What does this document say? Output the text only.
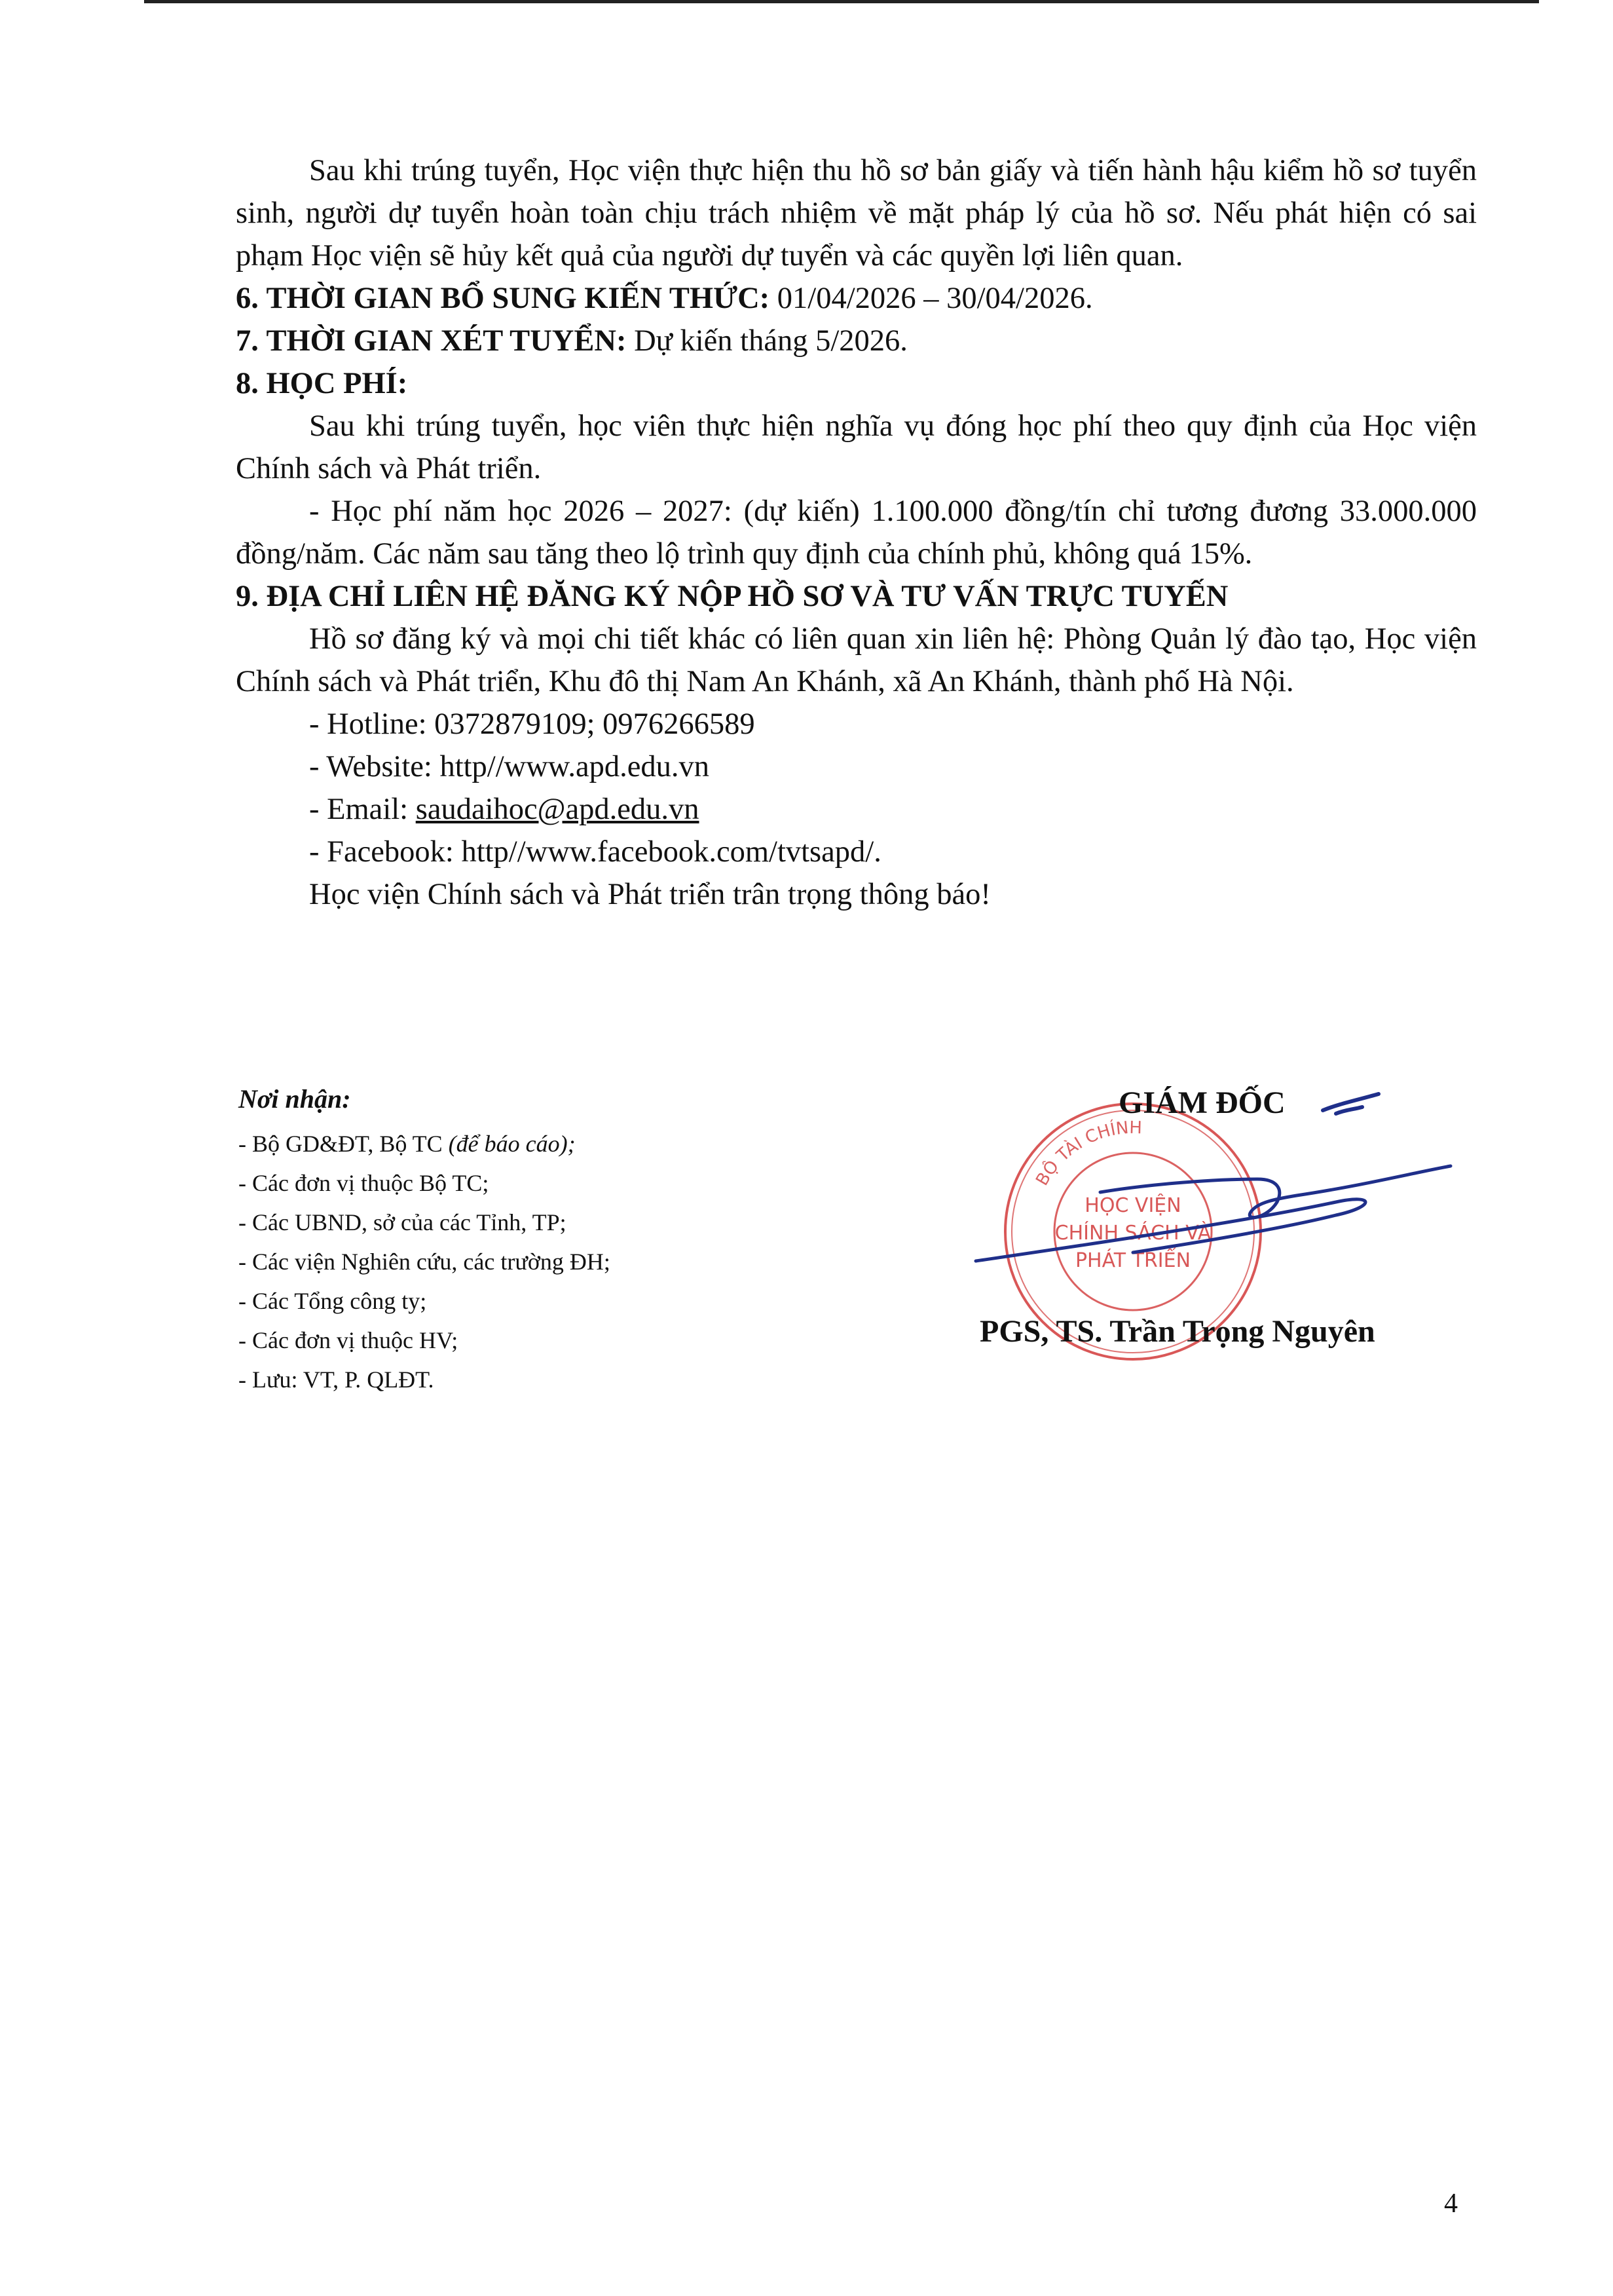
Sau khi trúng tuyển, Học viện thực hiện thu hồ sơ bản giấy và tiến hành hậu kiểm hồ sơ tuyển sinh, người dự tuyển hoàn toàn chịu trách nhiệm về mặt pháp lý của hồ sơ. Nếu phát hiện có sai phạm Học viện sẽ hủy kết quả của người dự tuyển và các quyền lợi liên quan.

6. THỜI GIAN BỔ SUNG KIẾN THỨC: 01/04/2026 – 30/04/2026.

7. THỜI GIAN XÉT TUYỂN: Dự kiến tháng 5/2026.

8. HỌC PHÍ:

Sau khi trúng tuyển, học viên thực hiện nghĩa vụ đóng học phí theo quy định của Học viện Chính sách và Phát triển.

- Học phí năm học 2026 – 2027: (dự kiến) 1.100.000 đồng/tín chỉ tương đương 33.000.000 đồng/năm. Các năm sau tăng theo lộ trình quy định của chính phủ, không quá 15%.

9. ĐỊA CHỈ LIÊN HỆ ĐĂNG KÝ NỘP HỒ SƠ VÀ TƯ VẤN TRỰC TUYẾN

Hồ sơ đăng ký và mọi chi tiết khác có liên quan xin liên hệ: Phòng Quản lý đào tạo, Học viện Chính sách và Phát triển, Khu đô thị Nam An Khánh, xã An Khánh, thành phố Hà Nội.

- Hotline: 0372879109; 0976266589

- Website: http//www.apd.edu.vn

- Email: saudaihoc@apd.edu.vn

- Facebook: http//www.facebook.com/tvtsapd/.

Học viện Chính sách và Phát triển trân trọng thông báo!

Nơi nhận:

- Bộ GD&ĐT, Bộ TC (để báo cáo);

- Các đơn vị thuộc Bộ TC;

- Các UBND, sở của các Tỉnh, TP;

- Các viện Nghiên cứu, các trường ĐH;

- Các Tổng công ty;

- Các đơn vị thuộc HV;

- Lưu: VT, P. QLĐT.

BỘ TÀI CHÍNH
HỌC VIỆN
CHÍNH SÁCH VÀ
PHÁT TRIỂN

GIÁM ĐỐC

PGS, TS. Trần Trọng Nguyên

4
